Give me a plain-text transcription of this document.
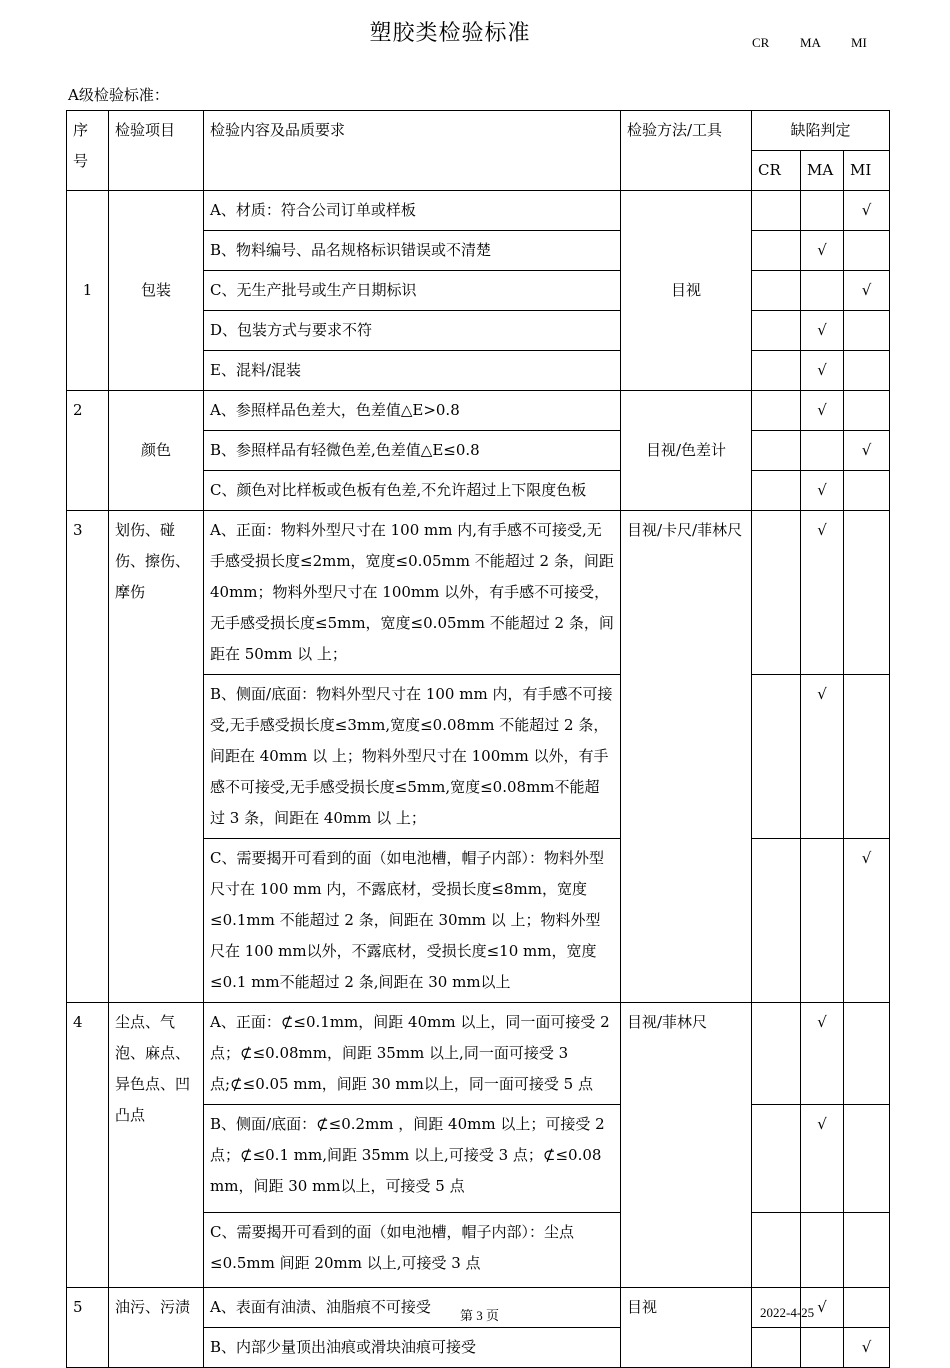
塑胶类检验标准	CR MA MI
A级检验标准：
序号	检验项目	检验内容及品质要求	检验方法/工具	缺陷判定		
				CR	MA	MI
1	包装	A、材质：符合公司订单或样板	目视			√
		B、物料编号、品名规格标识错误或不清楚			√	
		C、无生产批号或生产日期标识				√
		D、包装方式与要求不符			√	
		E、混料/混装			√	
2	颜色	A、参照样品色差大，色差值△E>0.8	目视/色差计		√	
		B、参照样品有轻微色差,色差值△E≤0.8				√
		C、颜色对比样板或色板有色差,不允许超过上下限度色板			√	
3	划伤、碰伤、擦伤、摩伤	A、正面：物料外型尺寸在 100 mm 内,有手感不可接受,无手感受损长度≤2mm，宽度≤0.05mm 不能超过 2 条，间距 40mm；物料外型尺寸在 100mm 以外，有手感不可接受，无手感受损长度≤5mm，宽度≤0.05mm 不能超过 2 条，间距在 50mm 以 上；	目视/卡尺/菲林尺		√	
		B、侧面/底面：物料外型尺寸在 100 mm 内，有手感不可接受,无手感受损长度≤3mm,宽度≤0.08mm 不能超过 2 条，间距在 40mm 以 上；物料外型尺寸在 100mm 以外，有手感不可接受,无手感受损长度≤5mm,宽度≤0.08mm不能超过 3 条，间距在 40mm 以 上；			√	
		C、需要揭开可看到的面（如电池槽，帽子内部）：物料外型尺寸在 100 mm 内，不露底材，受损长度≤8mm，宽度≤0.1mm 不能超过 2 条，间距在 30mm 以 上；物料外型尺在 100 mm以外，不露底材，受损长度≤10 mm，宽度≤0.1 mm不能超过 2 条,间距在 30 mm以上				√
4	尘点、气泡、麻点、异色点、凹凸点	A、正面：⊄≤0.1mm，间距 40mm 以上，同一面可接受 2 点；⊄≤0.08mm，间距 35mm 以上,同一面可接受 3 点;⊄≤0.05 mm，间距 30 mm以上，同一面可接受 5 点	目视/菲林尺		√	
		B、侧面/底面：⊄≤0.2mm ，间距 40mm 以上；可接受 2 点；⊄≤0.1 mm,间距 35mm 以上,可接受 3 点；⊄≤0.08 mm，间距 30 mm以上，可接受 5 点			√	
		C、需要揭开可看到的面（如电池槽，帽子内部）：尘点≤0.5mm 间距 20mm 以上,可接受 3 点				
5	油污、污渍	A、表面有油渍、油脂痕不可接受	目视		√	
		B、内部少量顶出油痕或滑块油痕可接受				√
第 3 页	2022-4-25
